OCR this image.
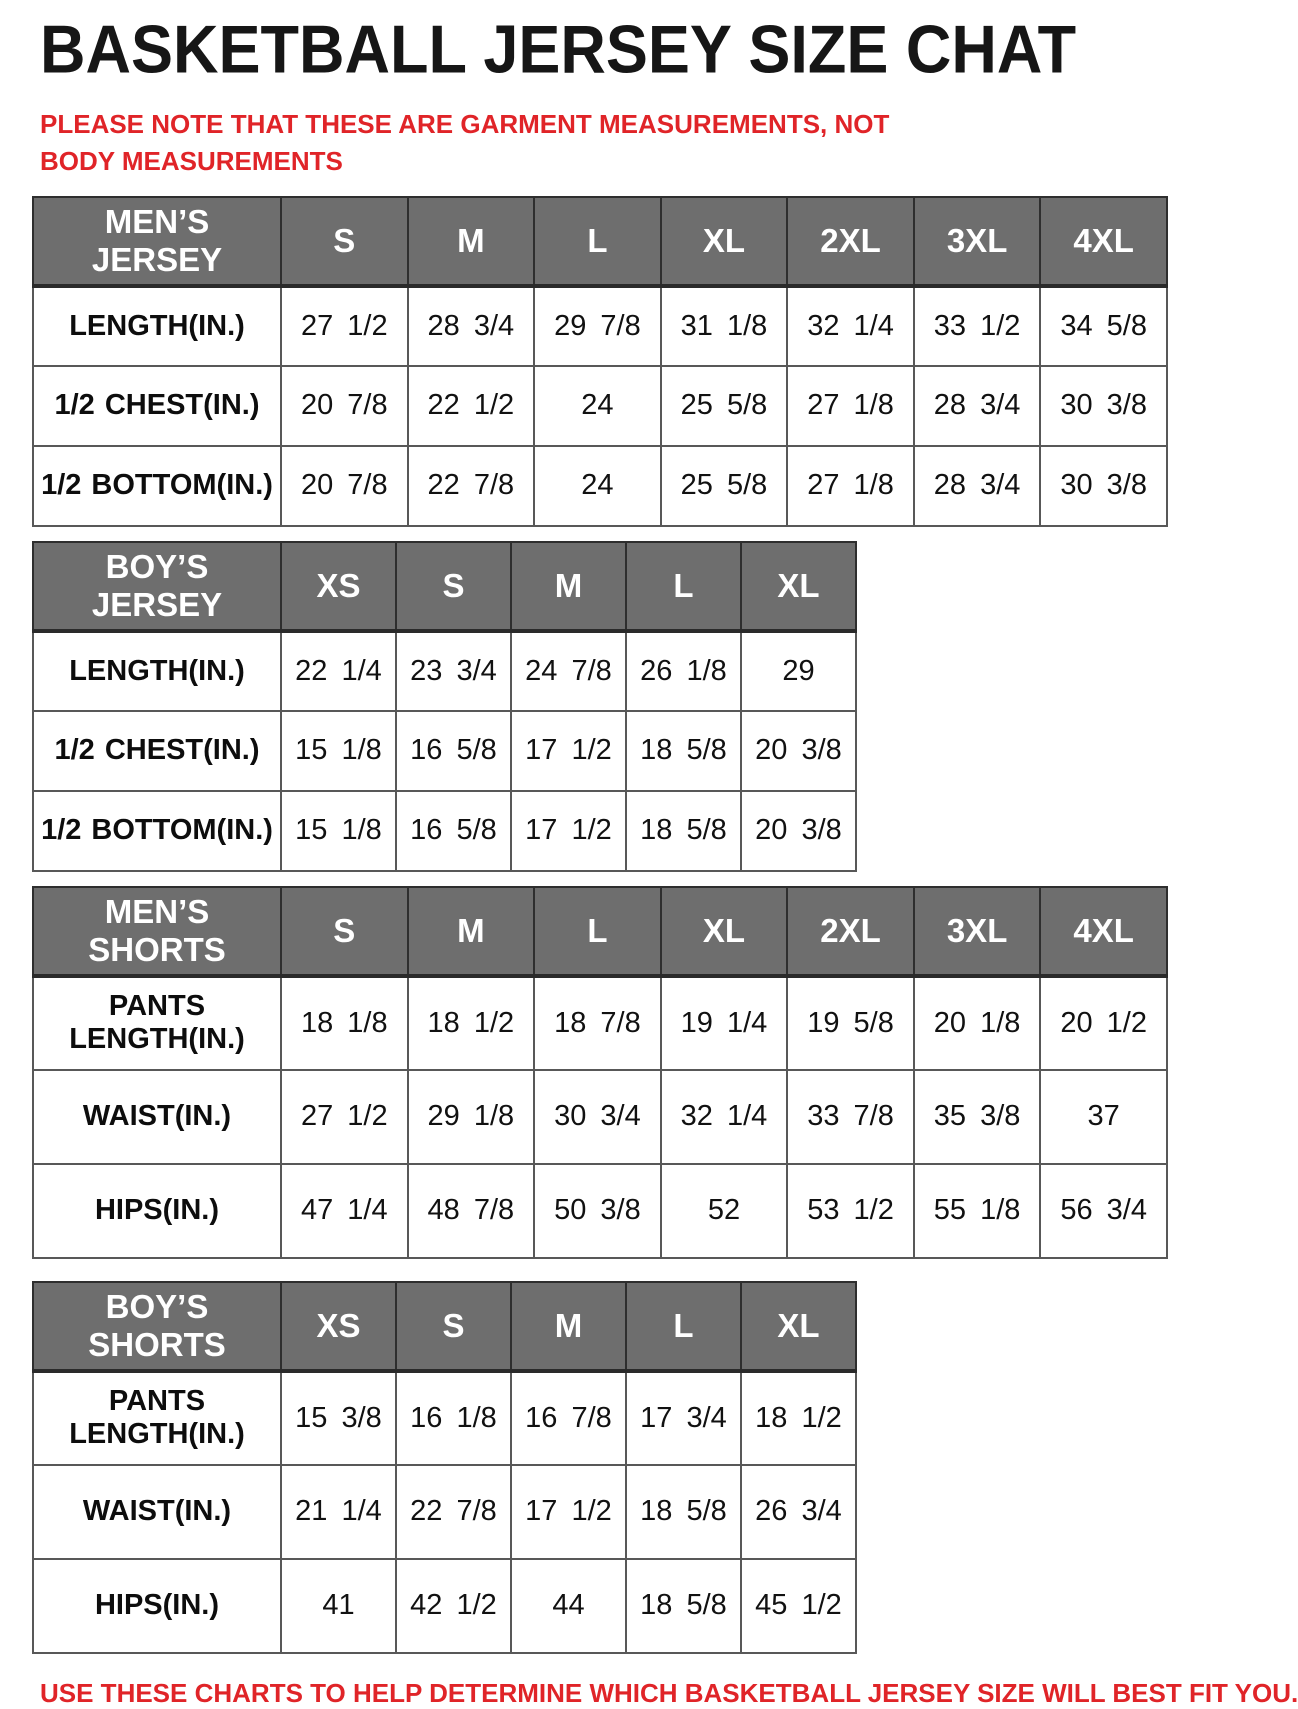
BASKETBALL JERSEY SIZE CHAT

PLEASE NOTE THAT THESE ARE GARMENT MEASUREMENTS, NOT BODY MEASUREMENTS

MEN’S JERSEY	S	M	L	XL	2XL	3XL	4XL
LENGTH(IN.)	27 1/2	28 3/4	29 7/8	31 1/8	32 1/4	33 1/2	34 5/8
1/2 CHEST(IN.)	20 7/8	22 1/2	24	25 5/8	27 1/8	28 3/4	30 3/8
1/2 BOTTOM(IN.)	20 7/8	22 7/8	24	25 5/8	27 1/8	28 3/4	30 3/8
BOY’S JERSEY	XS	S	M	L	XL
LENGTH(IN.)	22 1/4	23 3/4	24 7/8	26 1/8	29
1/2 CHEST(IN.)	15 1/8	16 5/8	17 1/2	18 5/8	20 3/8
1/2 BOTTOM(IN.)	15 1/8	16 5/8	17 1/2	18 5/8	20 3/8
MEN’S SHORTS	S	M	L	XL	2XL	3XL	4XL
PANTS LENGTH(IN.)	18 1/8	18 1/2	18 7/8	19 1/4	19 5/8	20 1/8	20 1/2
WAIST(IN.)	27 1/2	29 1/8	30 3/4	32 1/4	33 7/8	35 3/8	37
HIPS(IN.)	47 1/4	48 7/8	50 3/8	52	53 1/2	55 1/8	56 3/4
BOY’S SHORTS	XS	S	M	L	XL
PANTS LENGTH(IN.)	15 3/8	16 1/8	16 7/8	17 3/4	18 1/2
WAIST(IN.)	21 1/4	22 7/8	17 1/2	18 5/8	26 3/4
HIPS(IN.)	41	42 1/2	44	18 5/8	45 1/2

USE THESE CHARTS TO HELP DETERMINE WHICH BASKETBALL JERSEY SIZE WILL BEST FIT YOU.
